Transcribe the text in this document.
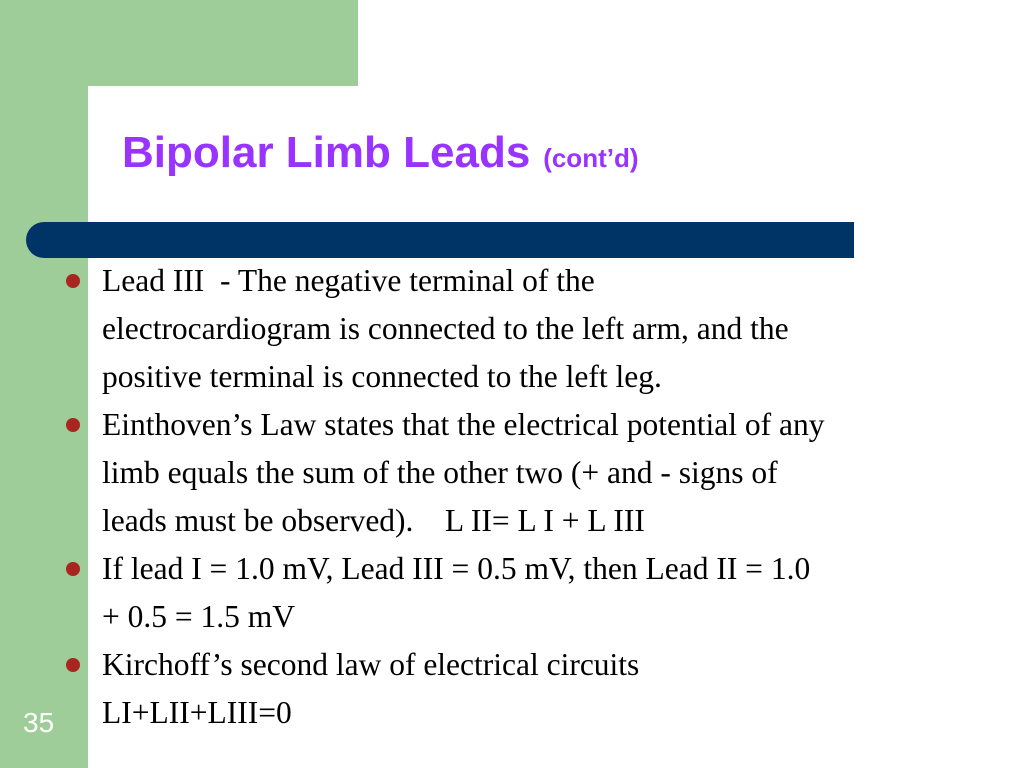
Bipolar Limb Leads (cont’d)
Lead III  - The negative terminal of the
electrocardiogram is connected to the left arm, and the
positive terminal is connected to the left leg.
Einthoven’s Law states that the electrical potential of any
limb equals the sum of the other two (+ and - signs of
leads must be observed).    L II= L I + L III
If lead I = 1.0 mV, Lead III = 0.5 mV, then Lead II = 1.0
+ 0.5 = 1.5 mV
Kirchoff’s second law of electrical circuits
LI+LII+LIII=0
35
